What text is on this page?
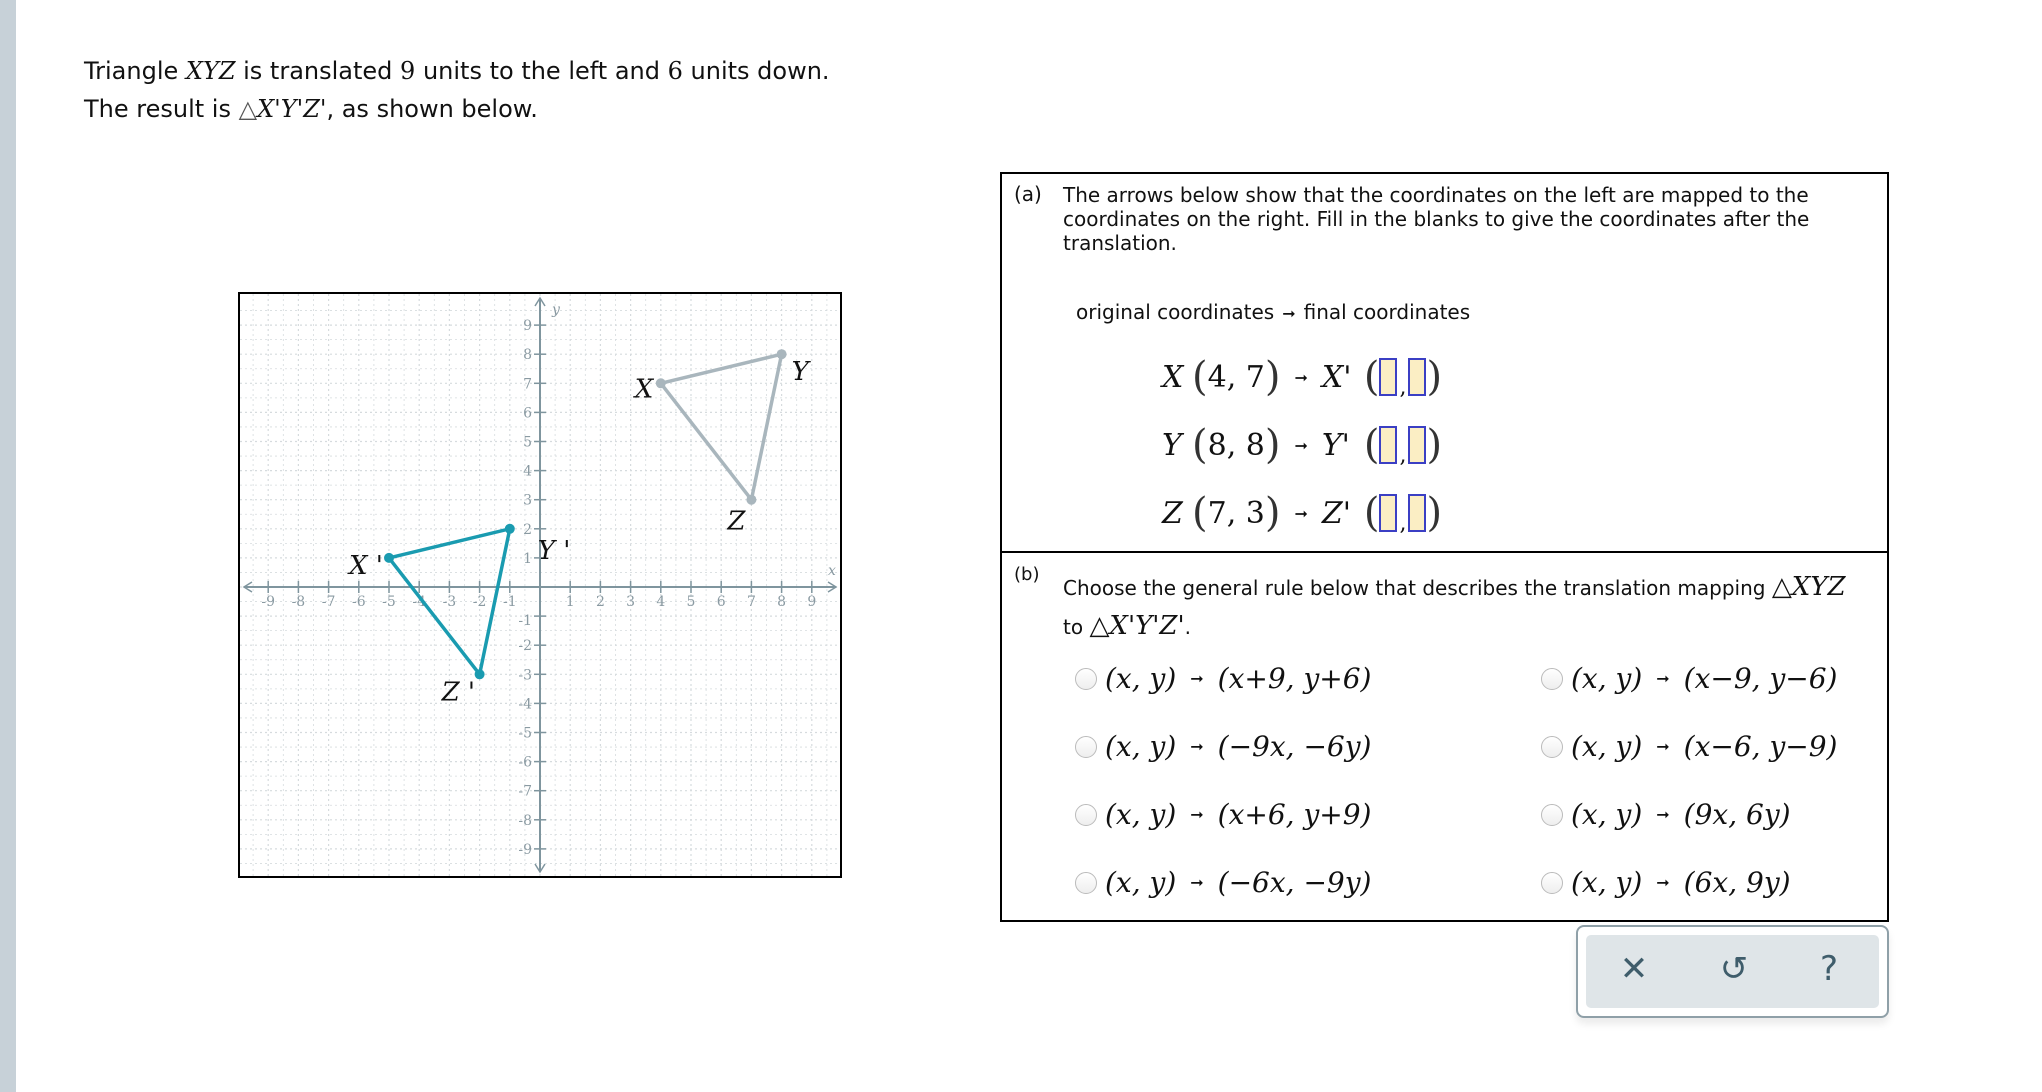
Triangle XYZ is translated 9 units to the left and 6 units down.
The result is △X'Y'Z', as shown below.
-9 -8 -7 -6 -5 -4 -3 -2 -1	1 2 3 4 5 6 7 8 9
9
8
7
6
5
4
3
2
1
-1
-2
-3
-4
-5
-6
-7
-8
-9
x
y
X
Y
Z
X '
Y '
Z '
(a) The arrows below show that the coordinates on the left are mapped to the coordinates on the right. Fill in the blanks to give the coordinates after the translation.
original coordinates ➞ final coordinates
X ( 4, 7 ) ➞ X' ( , )
Y ( 8, 8 ) ➞ Y' ( , )
Z ( 7, 3 ) ➞ Z' ( , )
(b)
Choose the general rule below that describes the translation mapping △XYZ
to △X'Y'Z'.
(x, y) ➞ (x+9, y+6)	(x, y) ➞ (x−9, y−6)
(x, y) ➞ (−9x, −6y)	(x, y) ➞ (x−6, y−9)
(x, y) ➞ (x+6, y+9)	(x, y) ➞ (9x, 6y)
(x, y) ➞ (−6x, −9y)	(x, y) ➞ (6x, 9y)
✕ ↺ ?
